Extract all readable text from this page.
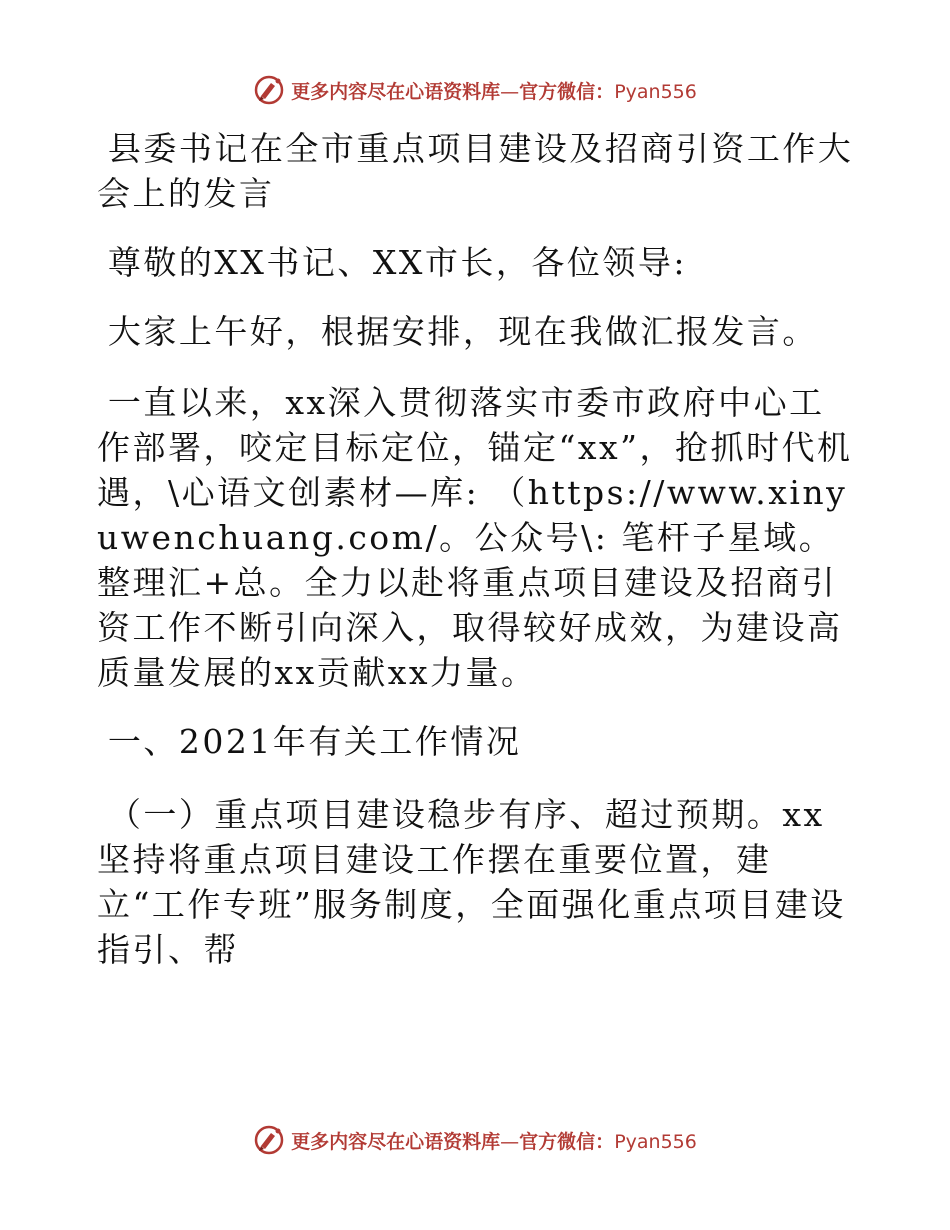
更多内容尽在心语资料库—官方微信：Pyan556

县委书记在全市重点项目建设及招商引资工作大会上的发言

尊敬的XX书记、XX市长，各位领导:

大家上午好，根据安排，现在我做汇报发言。

一直以来，xx深入贯彻落实市委市政府中心工作部署，咬定目标定位，锚定“xx”，抢抓时代机遇，\心语文创素材—库: （https://www.xinyuwenchuang.com/。公众号\: 笔杆子星域。整理汇+总。全力以赴将重点项目建设及招商引资工作不断引向深入，取得较好成效，为建设高质量发展的xx贡献xx力量。

一、2021年有关工作情况

（一）重点项目建设稳步有序、超过预期。xx坚持将重点项目建设工作摆在重要位置，建立“工作专班”服务制度，全面强化重点项目建设指引、帮

更多内容尽在心语资料库—官方微信：Pyan556
